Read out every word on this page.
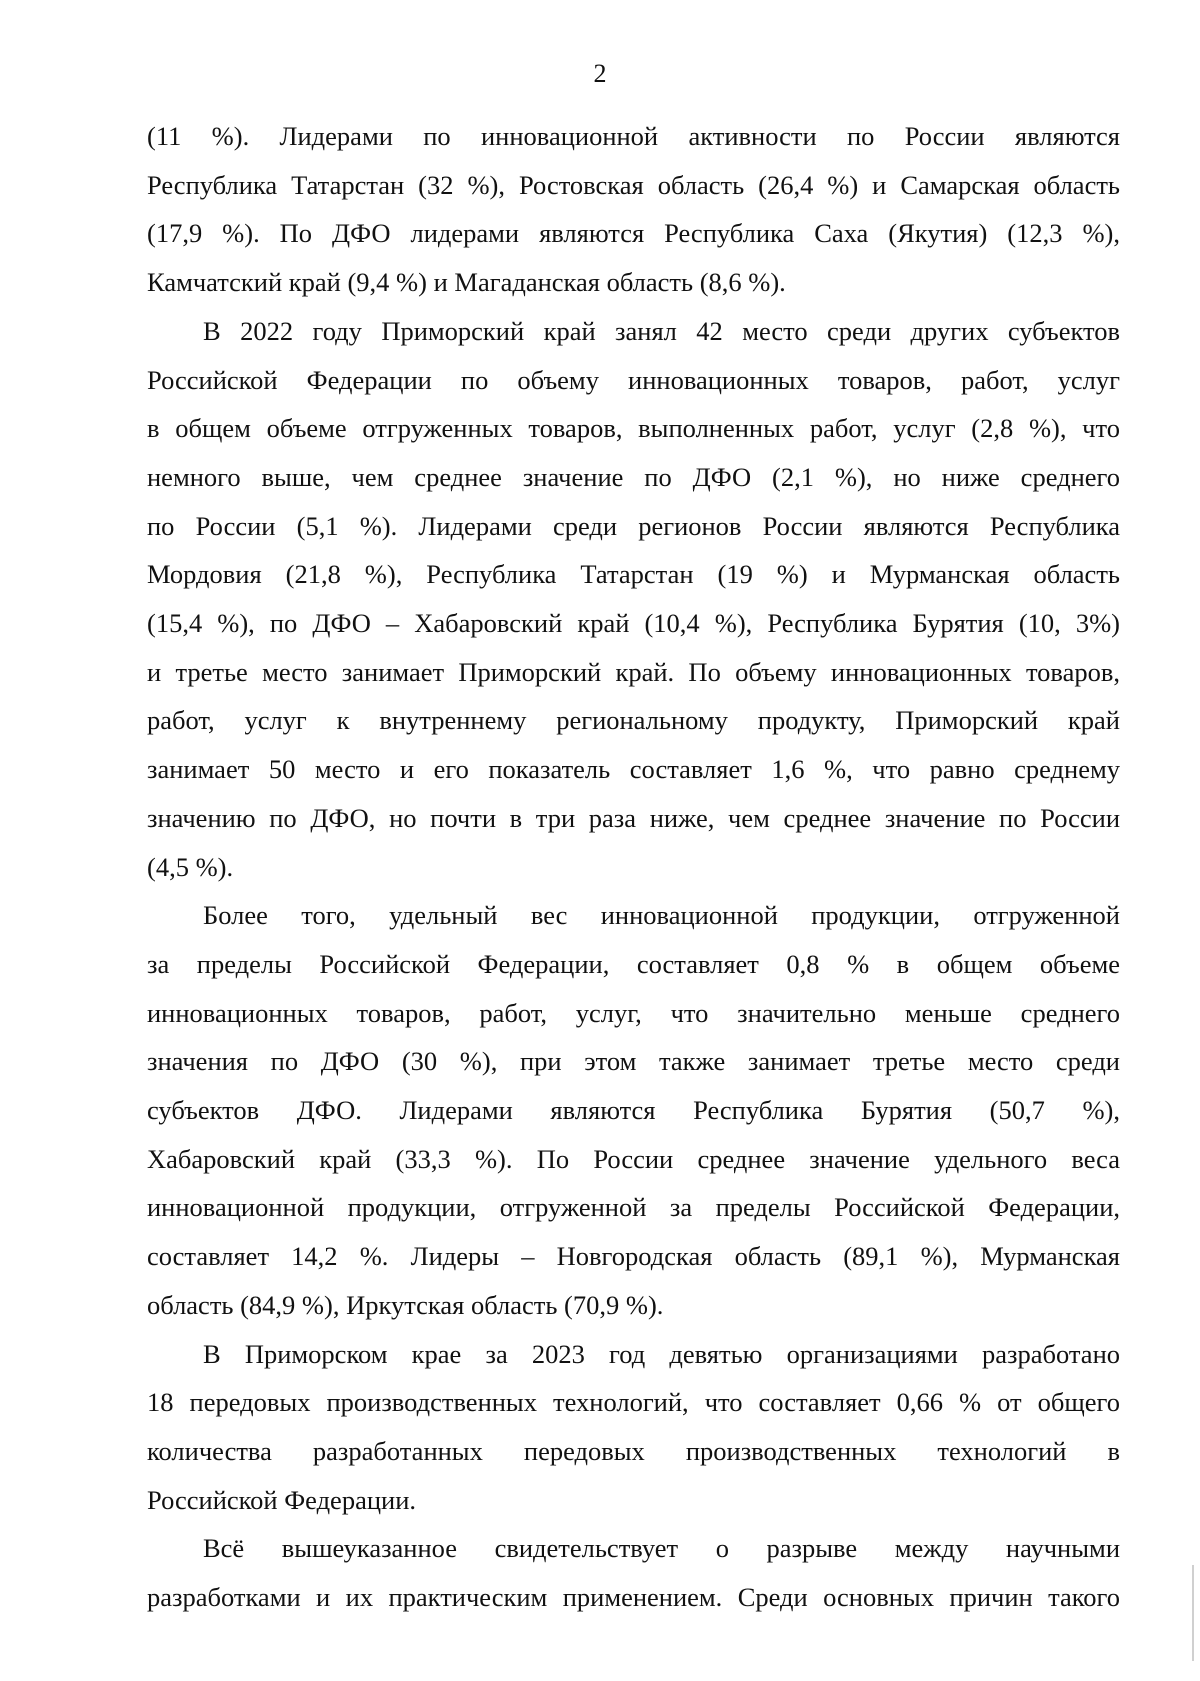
2
(11 %). Лидерами по инновационной активности по России являются
Республика Татарстан (32 %), Ростовская область (26,4 %) и Самарская область
(17,9 %). По ДФО лидерами являются Республика Саха (Якутия) (12,3 %),
Камчатский край (9,4 %) и Магаданская область (8,6 %).
В 2022 году Приморский край занял 42 место среди других субъектов
Российской Федерации по объему инновационных товаров, работ, услуг
в общем объеме отгруженных товаров, выполненных работ, услуг (2,8 %), что
немного выше, чем среднее значение по ДФО (2,1 %), но ниже среднего
по России (5,1 %). Лидерами среди регионов России являются Республика
Мордовия (21,8 %), Республика Татарстан (19 %) и Мурманская область
(15,4 %), по ДФО – Хабаровский край (10,4 %), Республика Бурятия (10, 3%)
и третье место занимает Приморский край. По объему инновационных товаров,
работ, услуг к внутреннему региональному продукту, Приморский край
занимает 50 место и его показатель составляет 1,6 %, что равно среднему
значению по ДФО, но почти в три раза ниже, чем среднее значение по России
(4,5 %).
Более того, удельный вес инновационной продукции, отгруженной
за пределы Российской Федерации, составляет 0,8 % в общем объеме
инновационных товаров, работ, услуг, что значительно меньше среднего
значения по ДФО (30 %), при этом также занимает третье место среди
субъектов ДФО. Лидерами являются Республика Бурятия (50,7 %),
Хабаровский край (33,3 %). По России среднее значение удельного веса
инновационной продукции, отгруженной за пределы Российской Федерации,
составляет 14,2 %. Лидеры – Новгородская область (89,1 %), Мурманская
область (84,9 %), Иркутская область (70,9 %).
В Приморском крае за 2023 год девятью организациями разработано
18 передовых производственных технологий, что составляет 0,66 % от общего
количества разработанных передовых производственных технологий в
Российской Федерации.
Всё вышеуказанное свидетельствует о разрыве между научными
разработками и их практическим применением. Среди основных причин такого
